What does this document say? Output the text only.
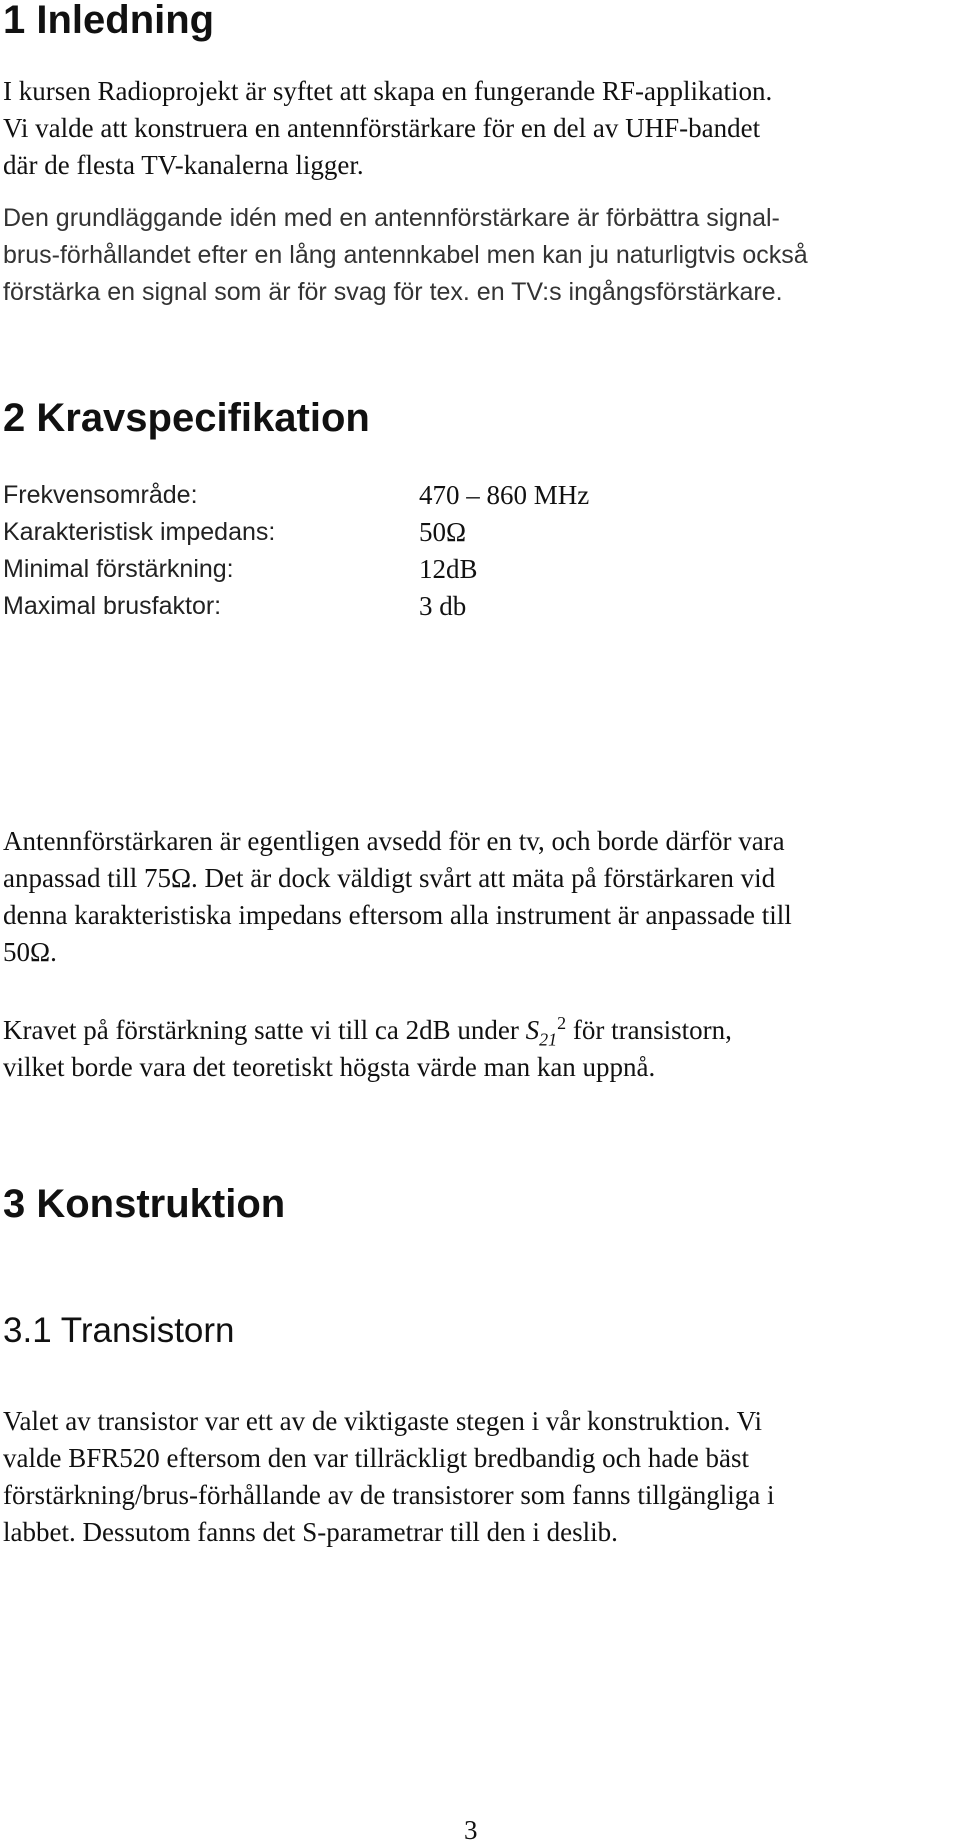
1 Inledning
I kursen Radioprojekt är syftet att skapa en fungerande RF-applikation.
Vi valde att konstruera en antennförstärkare för en del av UHF-bandet
där de flesta TV-kanalerna ligger.
Den grundläggande idén med en antennförstärkare är förbättra signal-
brus-förhållandet efter en lång antennkabel men kan ju naturligtvis också
förstärka en signal som är för svag för tex. en TV:s ingångsförstärkare.
2 Kravspecifikation
Frekvensområde:	470 – 860 MHz
Karakteristisk impedans:	50Ω
Minimal förstärkning:	12dB
Maximal brusfaktor:	3 db
Antennförstärkaren är egentligen avsedd för en tv, och borde därför vara
anpassad till 75Ω. Det är dock väldigt svårt att mäta på förstärkaren vid
denna karakteristiska impedans eftersom alla instrument är anpassade till
50Ω.
Kravet på förstärkning satte vi till ca 2dB under $S_{21}^2$ för transistorn,
vilket borde vara det teoretiskt högsta värde man kan uppnå.
3 Konstruktion
3.1 Transistorn
Valet av transistor var ett av de viktigaste stegen i vår konstruktion. Vi
valde BFR520 eftersom den var tillräckligt bredbandig och hade bäst
förstärkning/brus-förhållande av de transistorer som fanns tillgängliga i
labbet. Dessutom fanns det S-parametrar till den i deslib.
3
